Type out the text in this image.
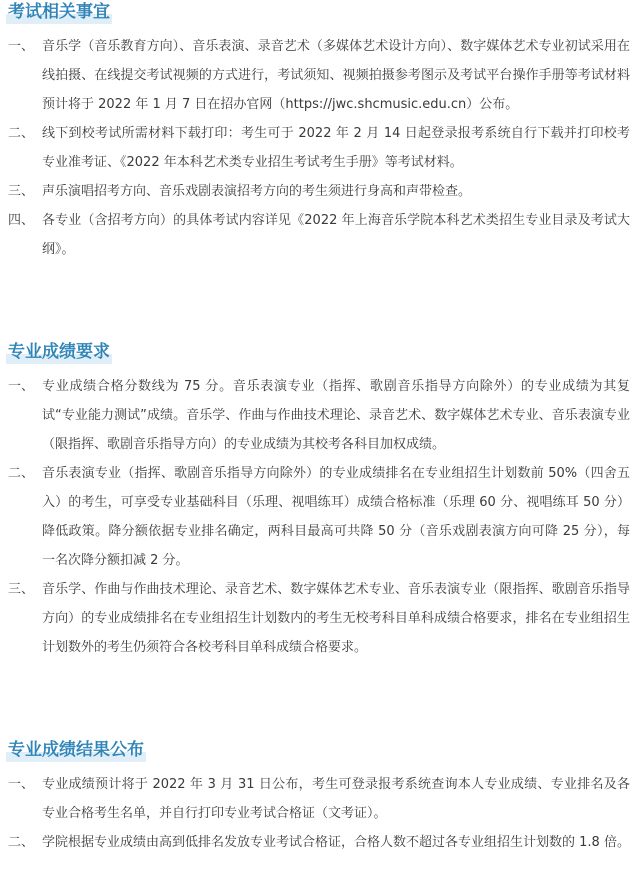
考试相关事宜
一、 音乐学（音乐教育方向）、音乐表演、录音艺术（多媒体艺术设计方向）、数字媒体艺术专业初试采用在线拍摄、在线提交考试视频的方式进行，考试须知、视频拍摄参考图示及考试平台操作手册等考试材料预计将于 2022 年 1 月 7 日在招办官网（https://jwc.shcmusic.edu.cn）公布。
二、 线下到校考试所需材料下载打印：考生可于 2022 年 2 月 14 日起登录报考系统自行下载并打印校考专业准考证、《2022 年本科艺术类专业招生考试考生手册》等考试材料。
三、 声乐演唱招考方向、音乐戏剧表演招考方向的考生须进行身高和声带检查。
四、 各专业（含招考方向）的具体考试内容详见《2022 年上海音乐学院本科艺术类招生专业目录及考试大纲》。
专业成绩要求
一、 专业成绩合格分数线为 75 分。音乐表演专业（指挥、歌剧音乐指导方向除外）的专业成绩为其复试“专业能力测试”成绩。音乐学、作曲与作曲技术理论、录音艺术、数字媒体艺术专业、音乐表演专业（限指挥、歌剧音乐指导方向）的专业成绩为其校考各科目加权成绩。
二、 音乐表演专业（指挥、歌剧音乐指导方向除外）的专业成绩排名在专业组招生计划数前 50%（四舍五入）的考生，可享受专业基础科目（乐理、视唱练耳）成绩合格标准（乐理 60 分、视唱练耳 50 分）降低政策。降分额依据专业排名确定，两科目最高可共降 50 分（音乐戏剧表演方向可降 25 分），每一名次降分额扣减 2 分。
三、 音乐学、作曲与作曲技术理论、录音艺术、数字媒体艺术专业、音乐表演专业（限指挥、歌剧音乐指导方向）的专业成绩排名在专业组招生计划数内的考生无校考科目单科成绩合格要求，排名在专业组招生计划数外的考生仍须符合各校考科目单科成绩合格要求。
专业成绩结果公布
一、 专业成绩预计将于 2022 年 3 月 31 日公布，考生可登录报考系统查询本人专业成绩、专业排名及各专业合格考生名单，并自行打印专业考试合格证（文考证）。
二、 学院根据专业成绩由高到低排名发放专业考试合格证，合格人数不超过各专业组招生计划数的 1.8 倍。
